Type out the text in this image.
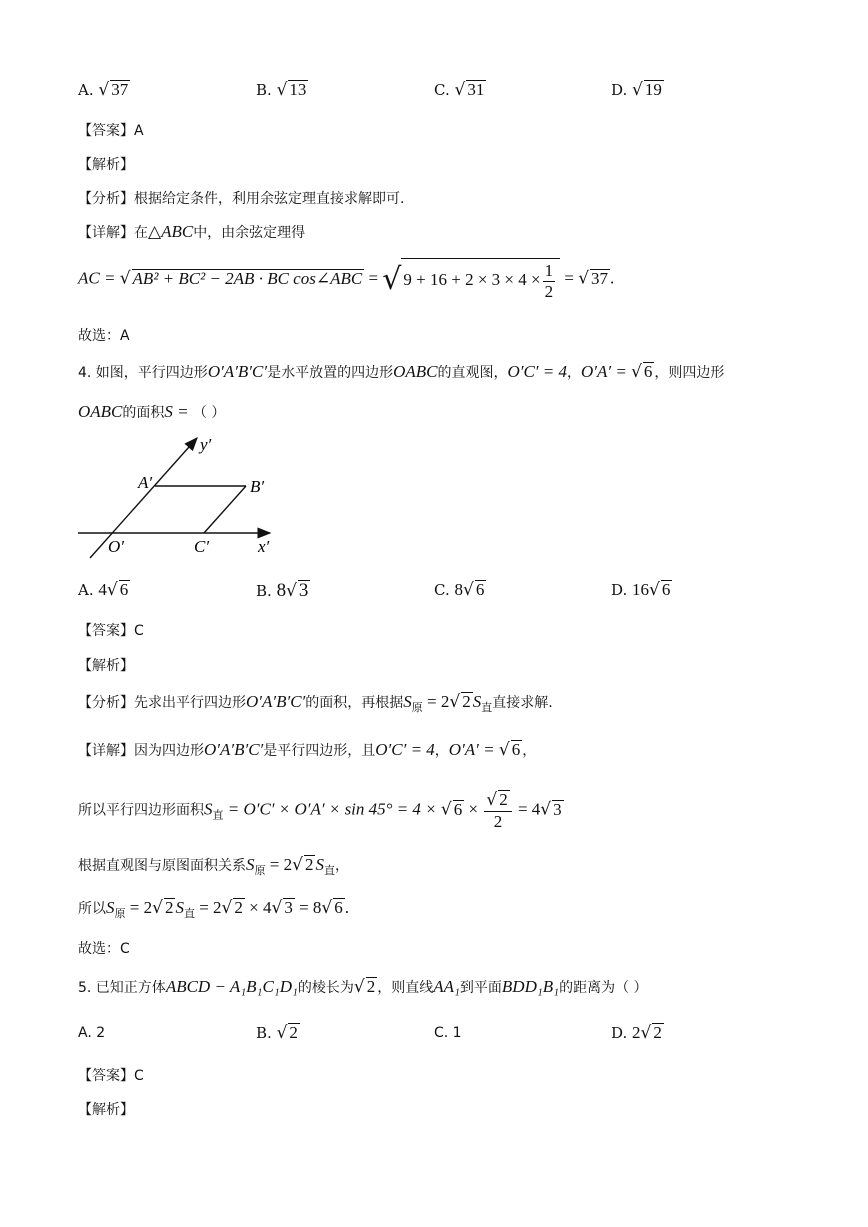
A. √ 37	B. √ 13	C. √ 31	D. √ 19
【答案】A
【解析】
【分析】根据给定条件，利用余弦定理直接求解即可.
【详解】在△ABC中，由余弦定理得
AC = √ AB² + BC² − 2AB · BC cos∠ABC = √ $9 + 16 + 2 \times 3 \times 4 \times \frac{1}{2}$ = √ 37 .
故选：A
4. 如图，平行四边形O′A′B′C′是水平放置的四边形OABC的直观图，O′C′ = 4，O′A′ = √ 6 ，则四边形
OABC的面积S = （ ）
y′
A′	B′
O′	C′	x′
A. 4√ 6	B. 8√ 3	C. 8√ 6	D. 16√ 6
【答案】C
【解析】
【分析】先求出平行四边形O′A′B′C′的面积，再根据$S_原 = 2√$ 2 $S_直$直接求解.
【详解】因为四边形O′A′B′C′是平行四边形，且O′C′ = 4，O′A′ = √ 6 ，
所以平行四边形面积$S_直 = O'C' \times O'A' \times \sin 45^\circ = 4$ × √ $6 \times \frac{√ 2}{2} = 4√$ 3
根据直观图与原图面积关系$S_原 = 2√$ 2 $S_直$，
所以$S_原 = 2√$ 2 $S_直 = 2√$ 2 × 4√ 3 = 8√ 6 .
故选：C
5. 已知正方体ABCD − A₁B₁C₁D₁的棱长为√ 2 ，则直线AA₁到平面BDD₁B₁的距离为（ ）
A. 2	B. √ 2	C. 1	D. 2√ 2
【答案】C
【解析】
